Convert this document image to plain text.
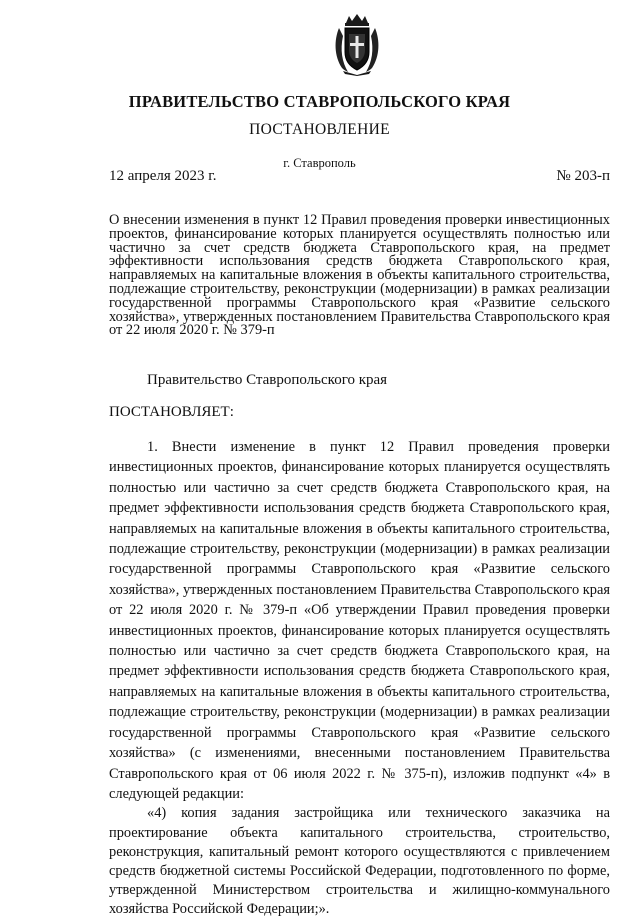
ПРАВИТЕЛЬСТВО СТАВРОПОЛЬСКОГО КРАЯ
ПОСТАНОВЛЕНИЕ
г. Ставрополь
12 апреля 2023 г.	№ 203-п

О внесении изменения в пункт 12 Правил проведения проверки инвестиционных проектов, финансирование которых планируется осуществлять полностью или частично за счет средств бюджета Ставропольского края, на предмет эффективности использования средств бюджета Ставропольского края, направляемых на капитальные вложения в объекты капитального строительства, подлежащие строительству, реконструкции (модернизации) в рамках реализации государственной программы Ставропольского края «Развитие сельского хозяйства», утвержденных постановлением Правительства Ставропольского края от 22 июля 2020 г. № 379-п

Правительство Ставропольского края

ПОСТАНОВЛЯЕТ:

1. Внести изменение в пункт 12 Правил проведения проверки инвестиционных проектов, финансирование которых планируется осуществлять полностью или частично за счет средств бюджета Ставропольского края, на предмет эффективности использования средств бюджета Ставропольского края, направляемых на капитальные вложения в объекты капитального строительства, подлежащие строительству, реконструкции (модернизации) в рамках реализации государственной программы Ставропольского края «Развитие сельского хозяйства», утвержденных постановлением Правительства Ставропольского края от 22 июля 2020 г. № 379-п «Об утверждении Правил проведения проверки инвестиционных проектов, финансирование которых планируется осуществлять полностью или частично за счет средств бюджета Ставропольского края, на предмет эффективности использования средств бюджета Ставропольского края, направляемых на капитальные вложения в объекты капитального строительства, подлежащие строительству, реконструкции (модернизации) в рамках реализации государственной программы Ставропольского края «Развитие сельского хозяйства» (с изменениями, внесенными постановлением Правительства Ставропольского края от 06 июля 2022 г. № 375-п), изложив подпункт «4» в следующей редакции:

«4) копия задания застройщика или технического заказчика на проектирование объекта капитального строительства, строительство, реконструкция, капитальный ремонт которого осуществляются с привлечением средств бюджетной системы Российской Федерации, подготовленного по форме, утвержденной Министерством строительства и жилищно-коммунального хозяйства Российской Федерации;».
